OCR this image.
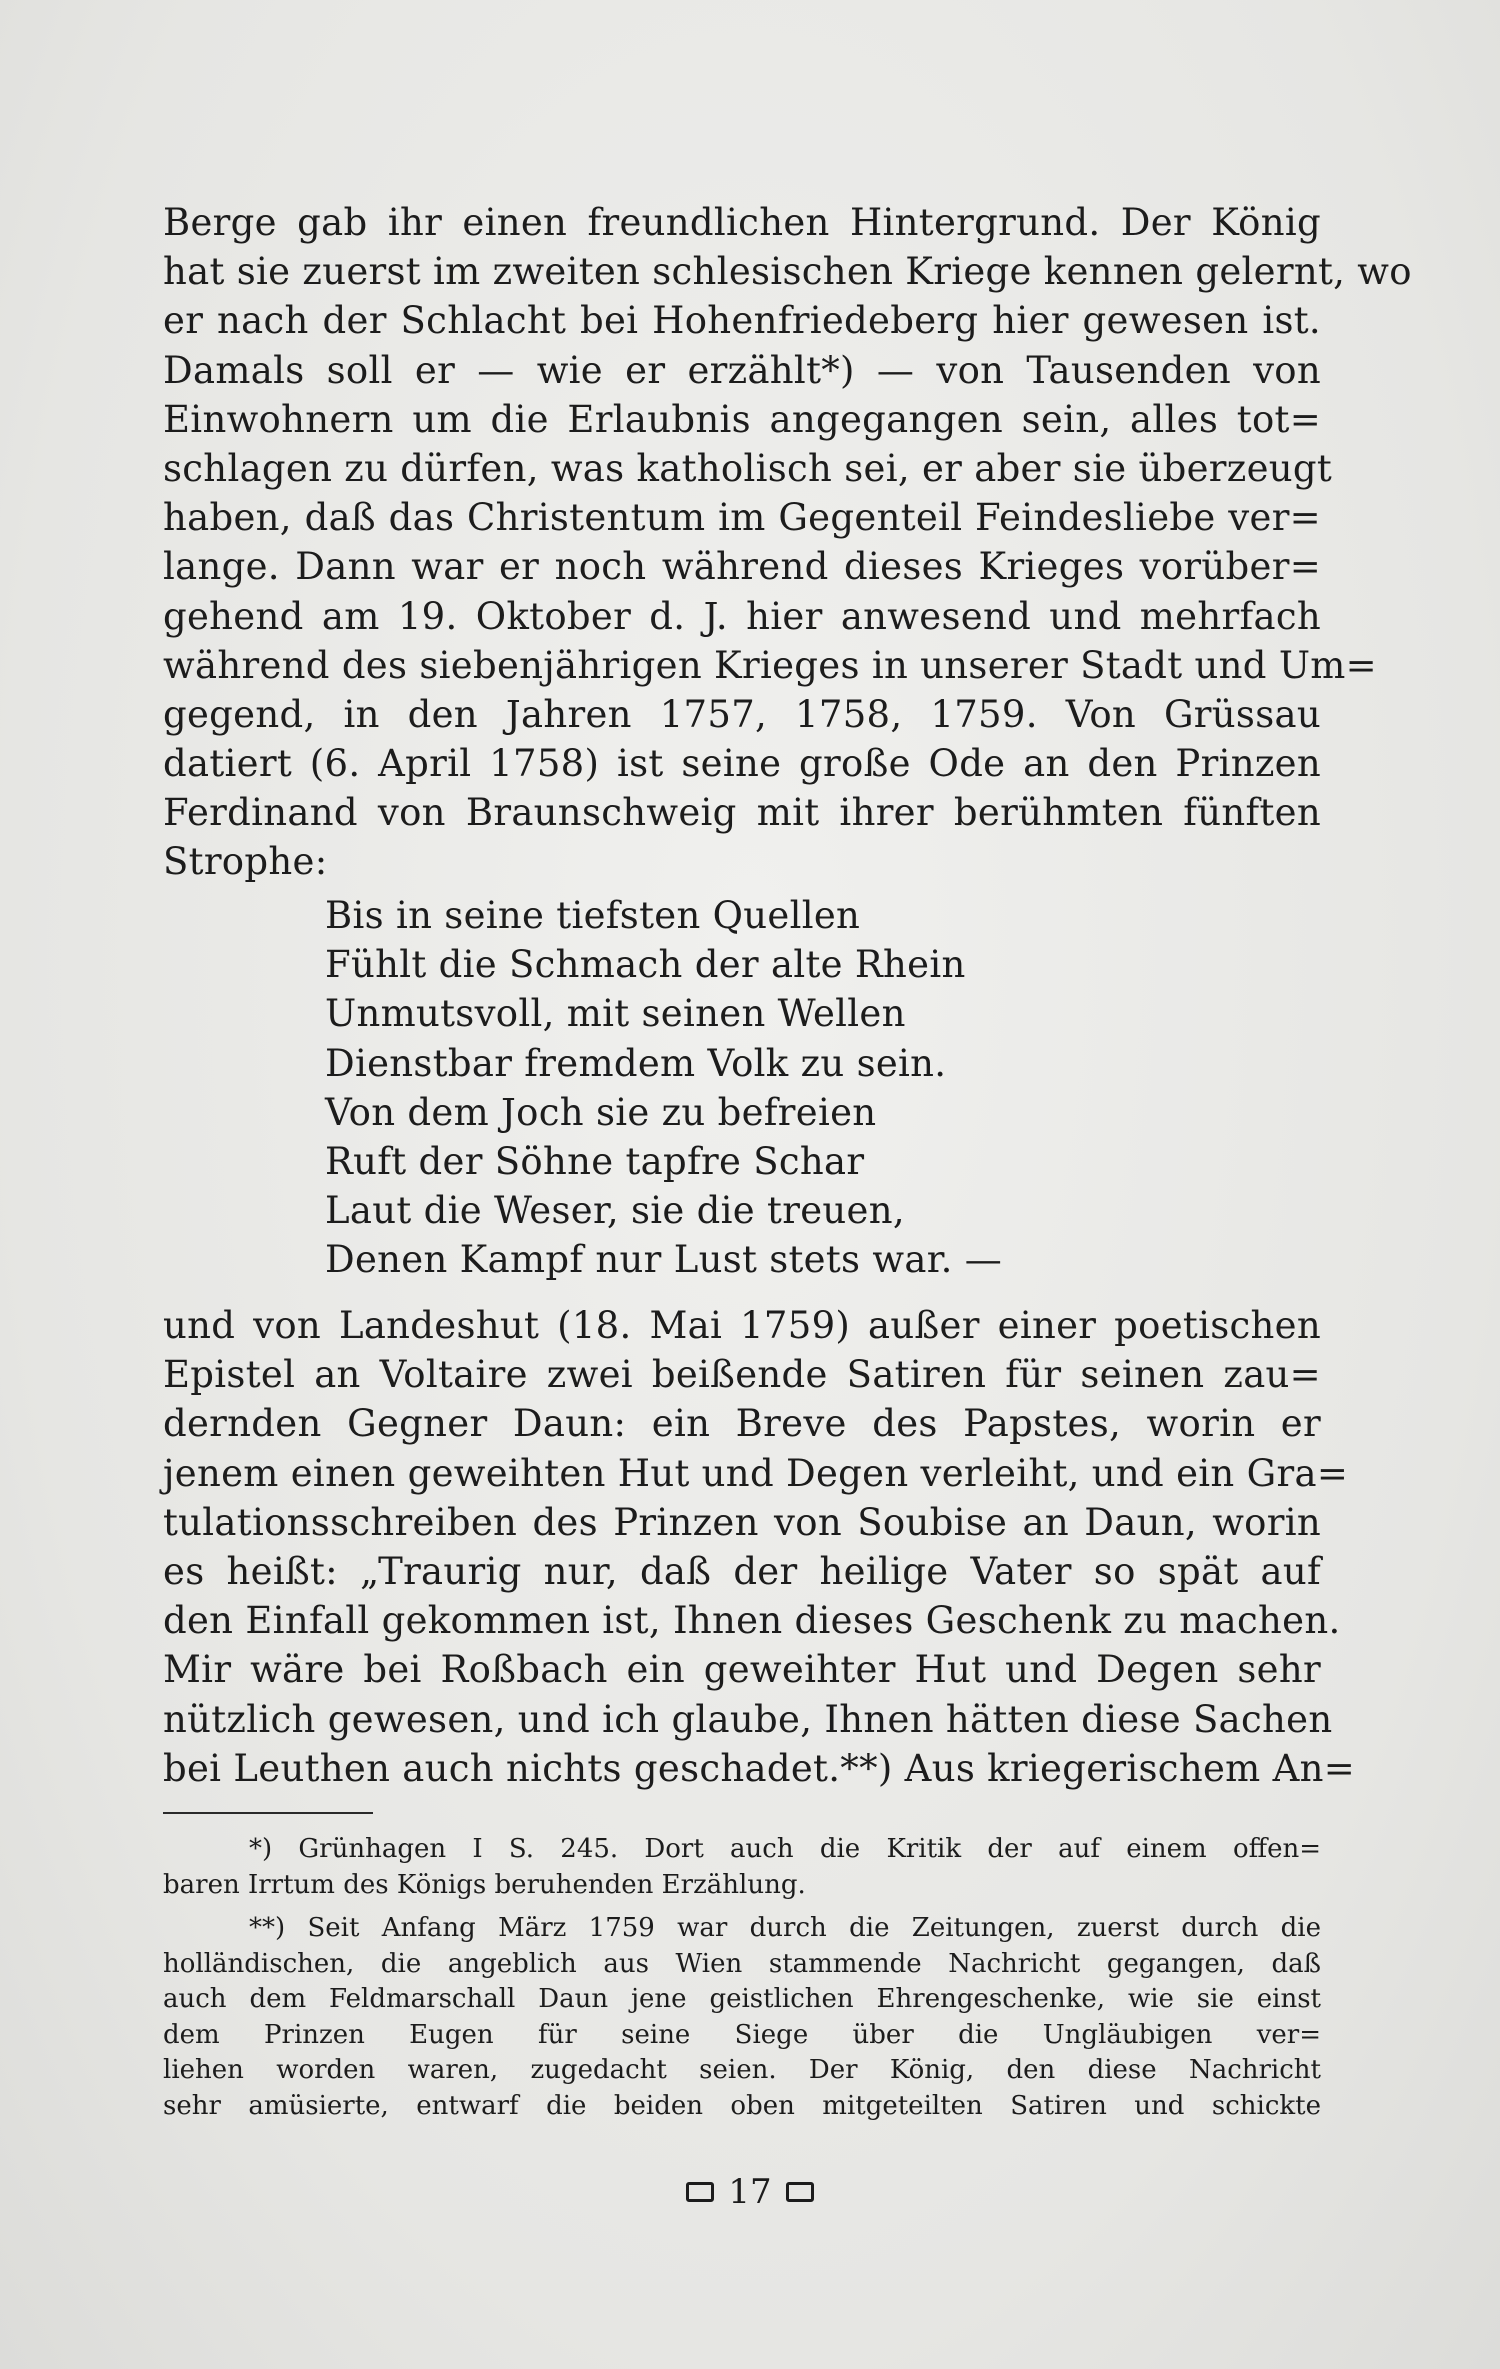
Berge gab ihr einen freundlichen Hintergrund. Der König
hat sie zuerst im zweiten schlesischen Kriege kennen gelernt, wo
er nach der Schlacht bei Hohenfriedeberg hier gewesen ist.
Damals soll er — wie er erzählt*) — von Tausenden von
Einwohnern um die Erlaubnis angegangen sein, alles tot=
schlagen zu dürfen, was katholisch sei, er aber sie überzeugt
haben, daß das Christentum im Gegenteil Feindesliebe ver=
lange. Dann war er noch während dieses Krieges vorüber=
gehend am 19. Oktober d. J. hier anwesend und mehrfach
während des siebenjährigen Krieges in unserer Stadt und Um=
gegend, in den Jahren 1757, 1758, 1759. Von Grüssau
datiert (6. April 1758) ist seine große Ode an den Prinzen
Ferdinand von Braunschweig mit ihrer berühmten fünften
Strophe:
Bis in seine tiefsten Quellen
Fühlt die Schmach der alte Rhein
Unmutsvoll, mit seinen Wellen
Dienstbar fremdem Volk zu sein.
Von dem Joch sie zu befreien
Ruft der Söhne tapfre Schar
Laut die Weser, sie die treuen,
Denen Kampf nur Lust stets war. —
und von Landeshut (18. Mai 1759) außer einer poetischen
Epistel an Voltaire zwei beißende Satiren für seinen zau=
dernden Gegner Daun: ein Breve des Papstes, worin er
jenem einen geweihten Hut und Degen verleiht, und ein Gra=
tulationsschreiben des Prinzen von Soubise an Daun, worin
es heißt: „Traurig nur, daß der heilige Vater so spät auf
den Einfall gekommen ist, Ihnen dieses Geschenk zu machen.
Mir wäre bei Roßbach ein geweihter Hut und Degen sehr
nützlich gewesen, und ich glaube, Ihnen hätten diese Sachen
bei Leuthen auch nichts geschadet.**) Aus kriegerischem An=
*) Grünhagen I S. 245. Dort auch die Kritik der auf einem offen=
baren Irrtum des Königs beruhenden Erzählung.
**) Seit Anfang März 1759 war durch die Zeitungen, zuerst durch die
holländischen, die angeblich aus Wien stammende Nachricht gegangen, daß
auch dem Feldmarschall Daun jene geistlichen Ehrengeschenke, wie sie einst
dem Prinzen Eugen für seine Siege über die Ungläubigen ver=
liehen worden waren, zugedacht seien. Der König, den diese Nachricht
sehr amüsierte, entwarf die beiden oben mitgeteilten Satiren und schickte
17
